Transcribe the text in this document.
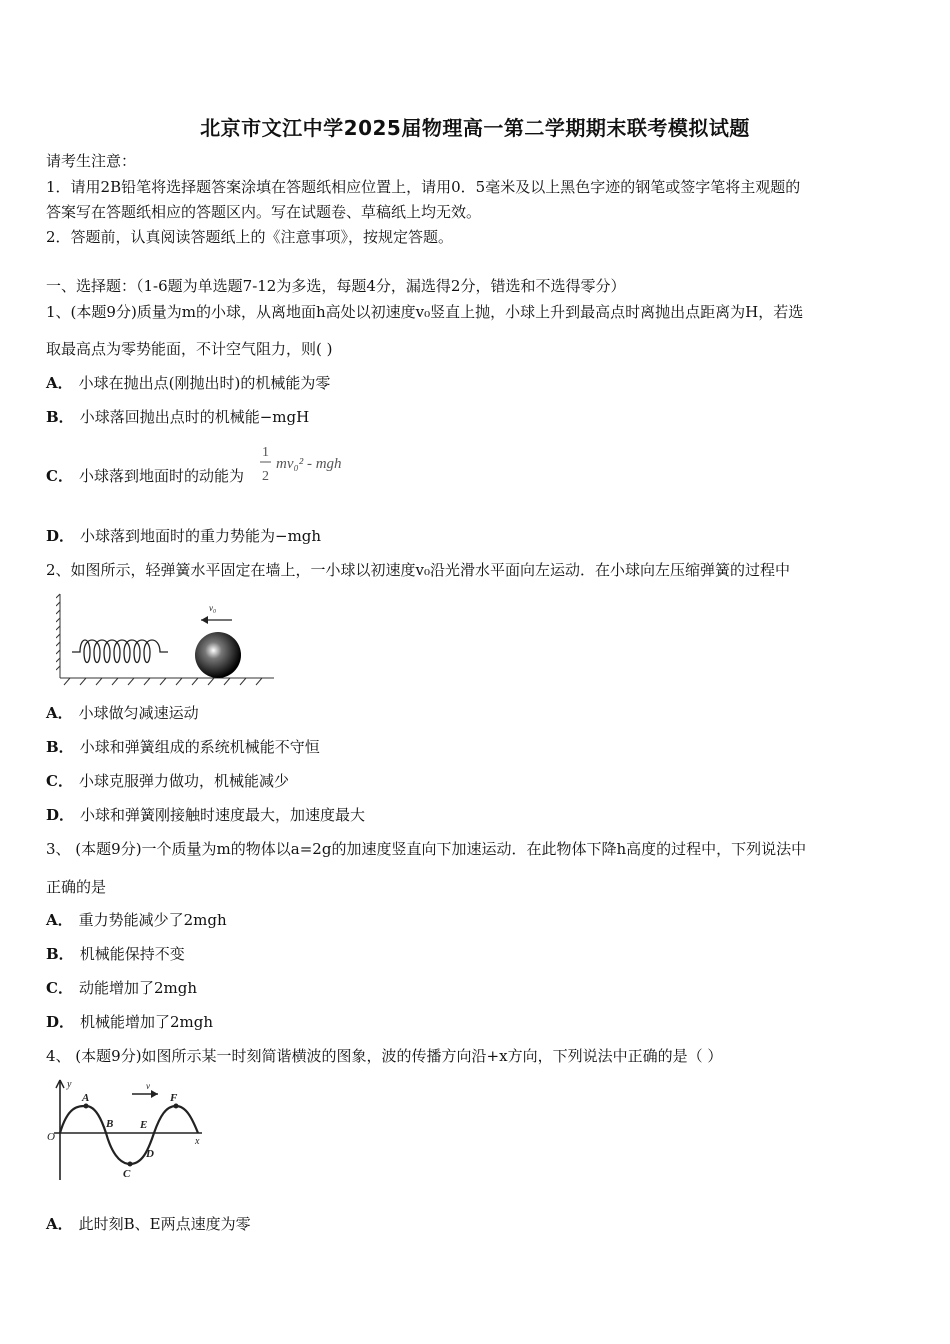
北京市文江中学2025届物理高一第二学期期末联考模拟试题
请考生注意：
1．请用2B铅笔将选择题答案涂填在答题纸相应位置上，请用0．5毫米及以上黑色字迹的钢笔或签字笔将主观题的
答案写在答题纸相应的答题区内。写在试题卷、草稿纸上均无效。
2．答题前，认真阅读答题纸上的《注意事项》，按规定答题。
一、选择题：（1-6题为单选题7-12为多选，每题4分，漏选得2分，错选和不选得零分）
1、(本题9分)质量为m的小球，从离地面h高处以初速度v₀竖直上抛，小球上升到最高点时离抛出点距离为H，若选
取最高点为零势能面，不计空气阻力，则( )
A． 小球在抛出点(刚抛出时)的机械能为零
B． 小球落回抛出点时的机械能−mgH
C． 小球落到地面时的动能为
1
2
mv₀² - mgh
D． 小球落到地面时的重力势能为−mgh
2、如图所示，轻弹簧水平固定在墙上，一小球以初速度v₀沿光滑水平面向左运动．在小球向左压缩弹簧的过程中
v₀
A． 小球做匀减速运动
B． 小球和弹簧组成的系统机械能不守恒
C． 小球克服弹力做功，机械能减少
D． 小球和弹簧刚接触时速度最大，加速度最大
3、 (本题9分)一个质量为m的物体以a=2g的加速度竖直向下加速运动．在此物体下降h高度的过程中，下列说法中
正确的是
A． 重力势能减少了2mgh
B． 机械能保持不变
C． 动能增加了2mgh
D． 机械能增加了2mgh
4、 (本题9分)如图所示某一时刻简谐横波的图象，波的传播方向沿+x方向，下列说法中正确的是（ ）
y
x
O
A
B
C
D
E
F
v
A． 此时刻B、E两点速度为零
